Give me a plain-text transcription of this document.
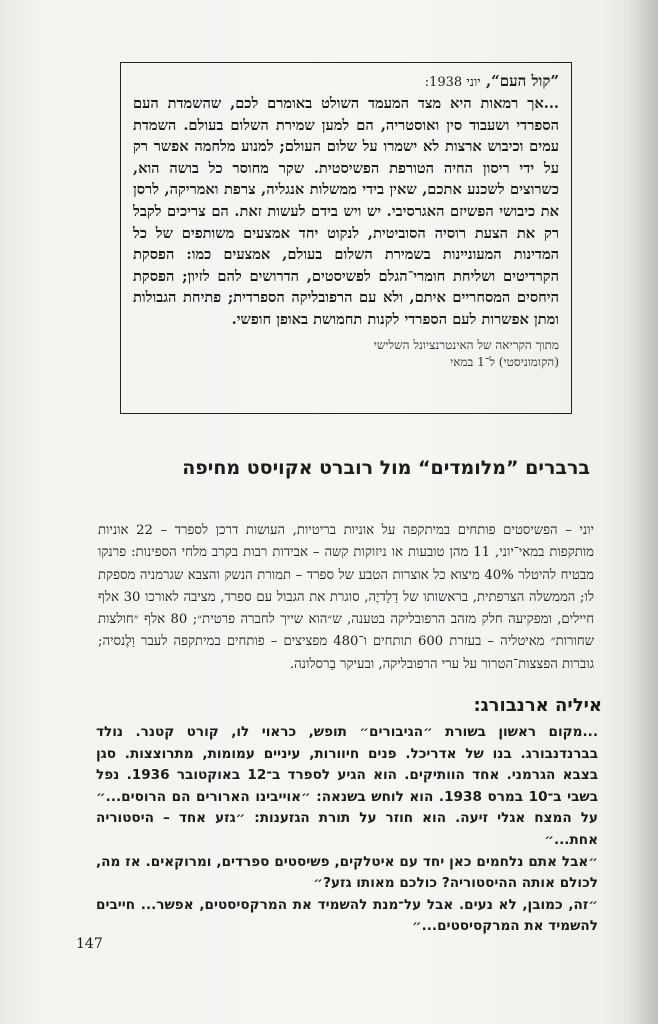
”קול העם“, יוני 1938:

...אך רמאות היא מצד המעמד השולט באומרם לכם, שהשמדת העם הספרדי ושעבוד סין ואוסטריה, הם למען שמירת השלום בעולם. השמדת עמים וכיבוש ארצות לא ישמרו על שלום העולם; למנוע מלחמה אפשר רק על ידי ריסון החיה הטורפת הפשיסטית. שקר מחוסר כל בושה הוא, כשרוצים לשכנע אתכם, שאין בידי ממשלות אנגליה, צרפת ואמריקה, לרסן את כיבושי הפשיזם האגרסיבי. יש ויש בידם לעשות זאת. הם צריכים לקבל רק את הצעת רוסיה הסוביטית, לנקוט יחד אמצעים משותפים של כל המדינות המעוניינות בשמירת השלום בעולם, אמצעים כמו: הפסקת הקרדיטים ושליחת חומרי־הגלם לפשיסטים, הדרושים להם לזיון; הפסקת היחסים המסחריים איתם, ולא עם הרפובליקה הספרדית; פתיחת הגבולות ומתן אפשרות לעם הספרדי לקנות תחמושת באופן חופשי.

מתוך הקריאה של האינטרנציונל השלישי
(הקומוניסטי) ל־1 במאי
ברברים ”מלומדים“ מול רוברט אקויסט מחיפה
יוני – הפשיסטים פותחים במיתקפה על אוניות בריטיות, העושות דרכן לספרד – 22 אוניות מותקפות במאי־יוני, 11 מהן טובעות או ניזוקות קשה – אבידות רבות בקרב מלחי הספינות: פרנקו מבטיח להיטלר 40% מיצוא כל אוצרות הטבע של ספרד – תמורת הנשק והצבא שגרמניה מספקת לו; הממשלה הצרפתית, בראשותו של דַלַדיֶה, סוגרת את הגבול עם ספרד, מציבה לאורכו 30 אלף חיילים, ומפקיעה חלק מזהב הרפובליקה בטענה, ש״הוא שייך לחברה פרטית״; 80 אלף ״חולצות שחורות״ מאיטליה – בעזרת 600 תותחים ו־480 מפציצים – פותחים במיתקפה לעבר וַלֶנסיה; גוברות הפצצות־הטרור על ערי הרפובליקה, ובעיקר בַרסלונה.
איליה ארנבורג:

...מקום ראשון בשורת ״הגיבורים״ תופש, כראוי לו, קורט קטנר. נולד בברנדנבורג. בנו של אדריכל. פנים חיוורות, עיניים עמומות, מתרוצצות. סגן בצבא הגרמני. אחד הוותיקים. הוא הגיע לספרד ב־12 באוקטובר 1936. נפל בשבי ב־10 במרס 1938. הוא לוחש בשנאה: ״אוייבינו הארורים הם הרוסים...״ על המצח אגלי זיעה. הוא חוזר על תורת הגזענות: ״גזע אחד – היסטוריה אחת...״

״אבל אתם נלחמים כאן יחד עם איטלקים, פשיסטים ספרדים, ומרוקאים. אז מה, לכולם אותה ההיסטוריה? כולכם מאותו גזע?״

״זה, כמובן, לא נעים. אבל על־מנת להשמיד את המרקסיסטים, אפשר... חייבים להשמיד את המרקסיסטים...״

147
